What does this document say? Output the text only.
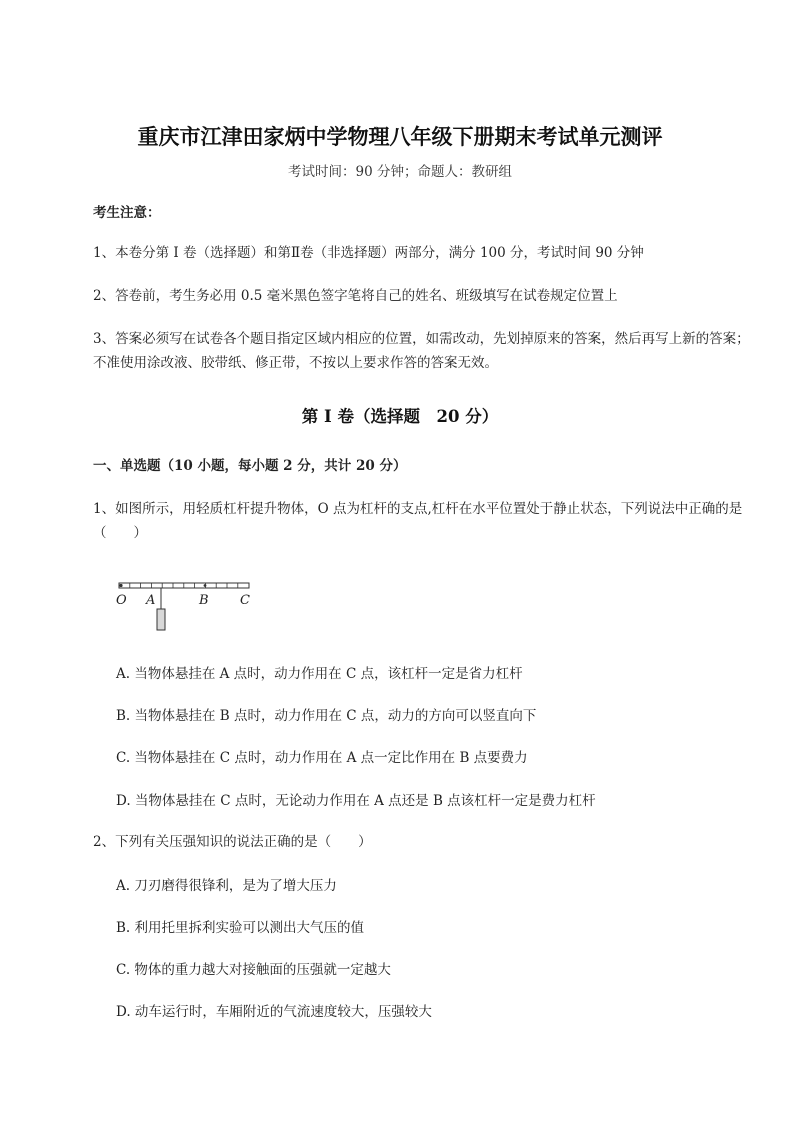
重庆市江津田家炳中学物理八年级下册期末考试单元测评
考试时间：90 分钟；命题人：教研组
考生注意：
1、本卷分第 I 卷（选择题）和第Ⅱ卷（非选择题）两部分，满分 100 分，考试时间 90 分钟
2、答卷前，考生务必用 0.5 毫米黑色签字笔将自己的姓名、班级填写在试卷规定位置上
3、答案必须写在试卷各个题目指定区域内相应的位置，如需改动，先划掉原来的答案，然后再写上新的答案；不准使用涂改液、胶带纸、修正带，不按以上要求作答的答案无效。
第 I 卷（选择题　20 分）
一、单选题（10 小题，每小题 2 分，共计 20 分）
1、如图所示，用轻质杠杆提升物体，O 点为杠杆的支点,杠杆在水平位置处于静止状态，下列说法中正确的是（　　）
O A	B C
A. 当物体悬挂在 A 点时，动力作用在 C 点，该杠杆一定是省力杠杆
B. 当物体悬挂在 B 点时，动力作用在 C 点，动力的方向可以竖直向下
C. 当物体悬挂在 C 点时，动力作用在 A 点一定比作用在 B 点要费力
D. 当物体悬挂在 C 点时，无论动力作用在 A 点还是 B 点该杠杆一定是费力杠杆
2、下列有关压强知识的说法正确的是（　　）
A. 刀刃磨得很锋利，是为了增大压力
B. 利用托里拆利实验可以测出大气压的值
C. 物体的重力越大对接触面的压强就一定越大
D. 动车运行时，车厢附近的气流速度较大，压强较大
